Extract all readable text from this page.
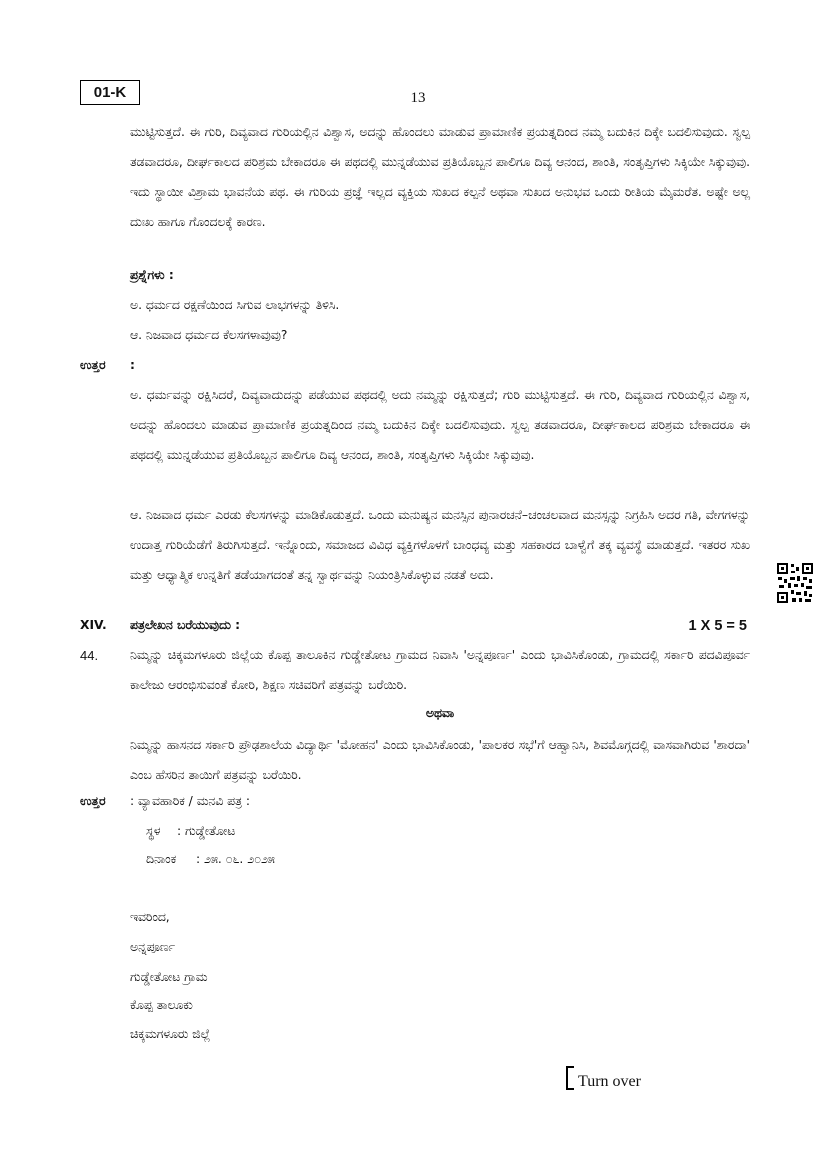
01-K	13
ಮುಟ್ಟಿಸುತ್ತದೆ. ಈ ಗುರಿ, ದಿವ್ಯವಾದ ಗುರಿಯಲ್ಲಿನ ವಿಶ್ವಾಸ, ಅದನ್ನು ಹೊಂದಲು ಮಾಡುವ ಪ್ರಾಮಾಣಿಕ ಪ್ರಯತ್ನದಿಂದ ನಮ್ಮ ಬದುಕಿನ ದಿಕ್ಕೇ ಬದಲಿಸುವುದು. ಸ್ವಲ್ಪ ತಡವಾದರೂ, ದೀರ್ಘಕಾಲದ ಪರಿಶ್ರಮ ಬೇಕಾದರೂ ಈ ಪಥದಲ್ಲಿ ಮುನ್ನಡೆಯುವ ಪ್ರತಿಯೊಬ್ಬನ ಪಾಲಿಗೂ ದಿವ್ಯ ಆನಂದ, ಶಾಂತಿ, ಸಂತೃಪ್ತಿಗಳು ಸಿಕ್ಕಿಯೇ ಸಿಕ್ಕುವುವು. ಇದು ಸ್ಥಾಯೀ ವಿಶ್ರಾಮ ಭಾವನೆಯ ಪಥ. ಈ ಗುರಿಯ ಪ್ರಜ್ಞೆ ಇಲ್ಲದ ವ್ಯಕ್ತಿಯ ಸುಖದ ಕಲ್ಪನೆ ಅಥವಾ ಸುಖದ ಅನುಭವ ಒಂದು ರೀತಿಯ ಮೈಮರೆತ. ಅಷ್ಟೇ ಅಲ್ಲ ದುಃಖ ಹಾಗೂ ಗೊಂದಲಕ್ಕೆ ಕಾರಣ.
ಪ್ರಶ್ನೆಗಳು :
ಅ. ಧರ್ಮದ ರಕ್ಷಣೆಯಿಂದ ಸಿಗುವ ಲಾಭಗಳನ್ನು ತಿಳಿಸಿ.
ಆ. ನಿಜವಾದ ಧರ್ಮದ ಕೆಲಸಗಳಾವುವು?
ಉತ್ತರ :
ಅ. ಧರ್ಮವನ್ನು ರಕ್ಷಿಸಿದರೆ, ದಿವ್ಯವಾದುದನ್ನು ಪಡೆಯುವ ಪಥದಲ್ಲಿ ಅದು ನಮ್ಮನ್ನು ರಕ್ಷಿಸುತ್ತದೆ; ಗುರಿ ಮುಟ್ಟಿಸುತ್ತದೆ. ಈ ಗುರಿ, ದಿವ್ಯವಾದ ಗುರಿಯಲ್ಲಿನ ವಿಶ್ವಾಸ, ಅದನ್ನು ಹೊಂದಲು ಮಾಡುವ ಪ್ರಾಮಾಣಿಕ ಪ್ರಯತ್ನದಿಂದ ನಮ್ಮ ಬದುಕಿನ ದಿಕ್ಕೇ ಬದಲಿಸುವುದು. ಸ್ವಲ್ಪ ತಡವಾದರೂ, ದೀರ್ಘಕಾಲದ ಪರಿಶ್ರಮ ಬೇಕಾದರೂ ಈ ಪಥದಲ್ಲಿ ಮುನ್ನಡೆಯುವ ಪ್ರತಿಯೊಬ್ಬನ ಪಾಲಿಗೂ ದಿವ್ಯ ಆನಂದ, ಶಾಂತಿ, ಸಂತೃಪ್ತಿಗಳು ಸಿಕ್ಕಿಯೇ ಸಿಕ್ಕುವುವು.
ಆ. ನಿಜವಾದ ಧರ್ಮ ಎರಡು ಕೆಲಸಗಳನ್ನು ಮಾಡಿಕೊಡುತ್ತದೆ. ಒಂದು ಮನುಷ್ಯನ ಮನಸ್ಸಿನ ಪುನಾರಚನೆ–ಚಂಚಲವಾದ ಮನಸ್ಸನ್ನು ನಿಗ್ರಹಿಸಿ ಅದರ ಗತಿ, ವೇಗಗಳನ್ನು ಉದಾತ್ತ ಗುರಿಯೆಡೆಗೆ ತಿರುಗಿಸುತ್ತದೆ. ಇನ್ನೊಂದು, ಸಮಾಜದ ವಿವಿಧ ವ್ಯಕ್ತಿಗಳೊಳಗೆ ಬಾಂಧವ್ಯ ಮತ್ತು ಸಹಕಾರದ ಬಾಳ್ವೆಗೆ ತಕ್ಕ ವ್ಯವಸ್ಥೆ ಮಾಡುತ್ತದೆ. ಇತರರ ಸುಖ ಮತ್ತು ಆಧ್ಯಾತ್ಮಿಕ ಉನ್ನತಿಗೆ ತಡೆಯಾಗದಂತೆ ತನ್ನ ಸ್ವಾರ್ಥವನ್ನು ನಿಯಂತ್ರಿಸಿಕೊಳ್ಳುವ ನಡತೆ ಅದು.
XIV. ಪತ್ರಲೇಖನ ಬರೆಯುವುದು :	1 X 5 = 5
44.	ನಿಮ್ಮನ್ನು ಚಿಕ್ಕಮಗಳೂರು ಜಿಲ್ಲೆಯ ಕೊಪ್ಪ ತಾಲೂಕಿನ ಗುಡ್ಡೇತೋಟ ಗ್ರಾಮದ ನಿವಾಸಿ 'ಅನ್ನಪೂರ್ಣ' ಎಂದು ಭಾವಿಸಿಕೊಂಡು, ಗ್ರಾಮದಲ್ಲಿ ಸರ್ಕಾರಿ ಪದವಿಪೂರ್ವ ಕಾಲೇಜು ಆರಂಭಿಸುವಂತೆ ಕೋರಿ, ಶಿಕ್ಷಣ ಸಚಿವರಿಗೆ ಪತ್ರವನ್ನು ಬರೆಯಿರಿ.
ಅಥವಾ
ನಿಮ್ಮನ್ನು ಹಾಸನದ ಸರ್ಕಾರಿ ಪ್ರೌಢಶಾಲೆಯ ವಿದ್ಯಾರ್ಥಿ 'ಮೋಹನ' ಎಂದು ಭಾವಿಸಿಕೊಂಡು, 'ಪಾಲಕರ ಸಭೆ'ಗೆ ಆಹ್ವಾನಿಸಿ, ಶಿವಮೊಗ್ಗದಲ್ಲಿ ವಾಸವಾಗಿರುವ 'ಶಾರದಾ' ಎಂಬ ಹೆಸರಿನ ತಾಯಿಗೆ ಪತ್ರವನ್ನು ಬರೆಯಿರಿ.
ಉತ್ತರ : ವ್ಯಾವಹಾರಿಕ / ಮನವಿ ಪತ್ರ :
ಸ್ಥಳ : ಗುಡ್ಡೇತೋಟ
ದಿನಾಂಕ : ೨೫. ೦೬. ೨೦೨೫
ಇವರಿಂದ,
ಅನ್ನಪೂರ್ಣ
ಗುಡ್ಡೇತೋಟ ಗ್ರಾಮ
ಕೊಪ್ಪ ತಾಲೂಕು
ಚಿಕ್ಕಮಗಳೂರು ಜಿಲ್ಲೆ
Turn over
